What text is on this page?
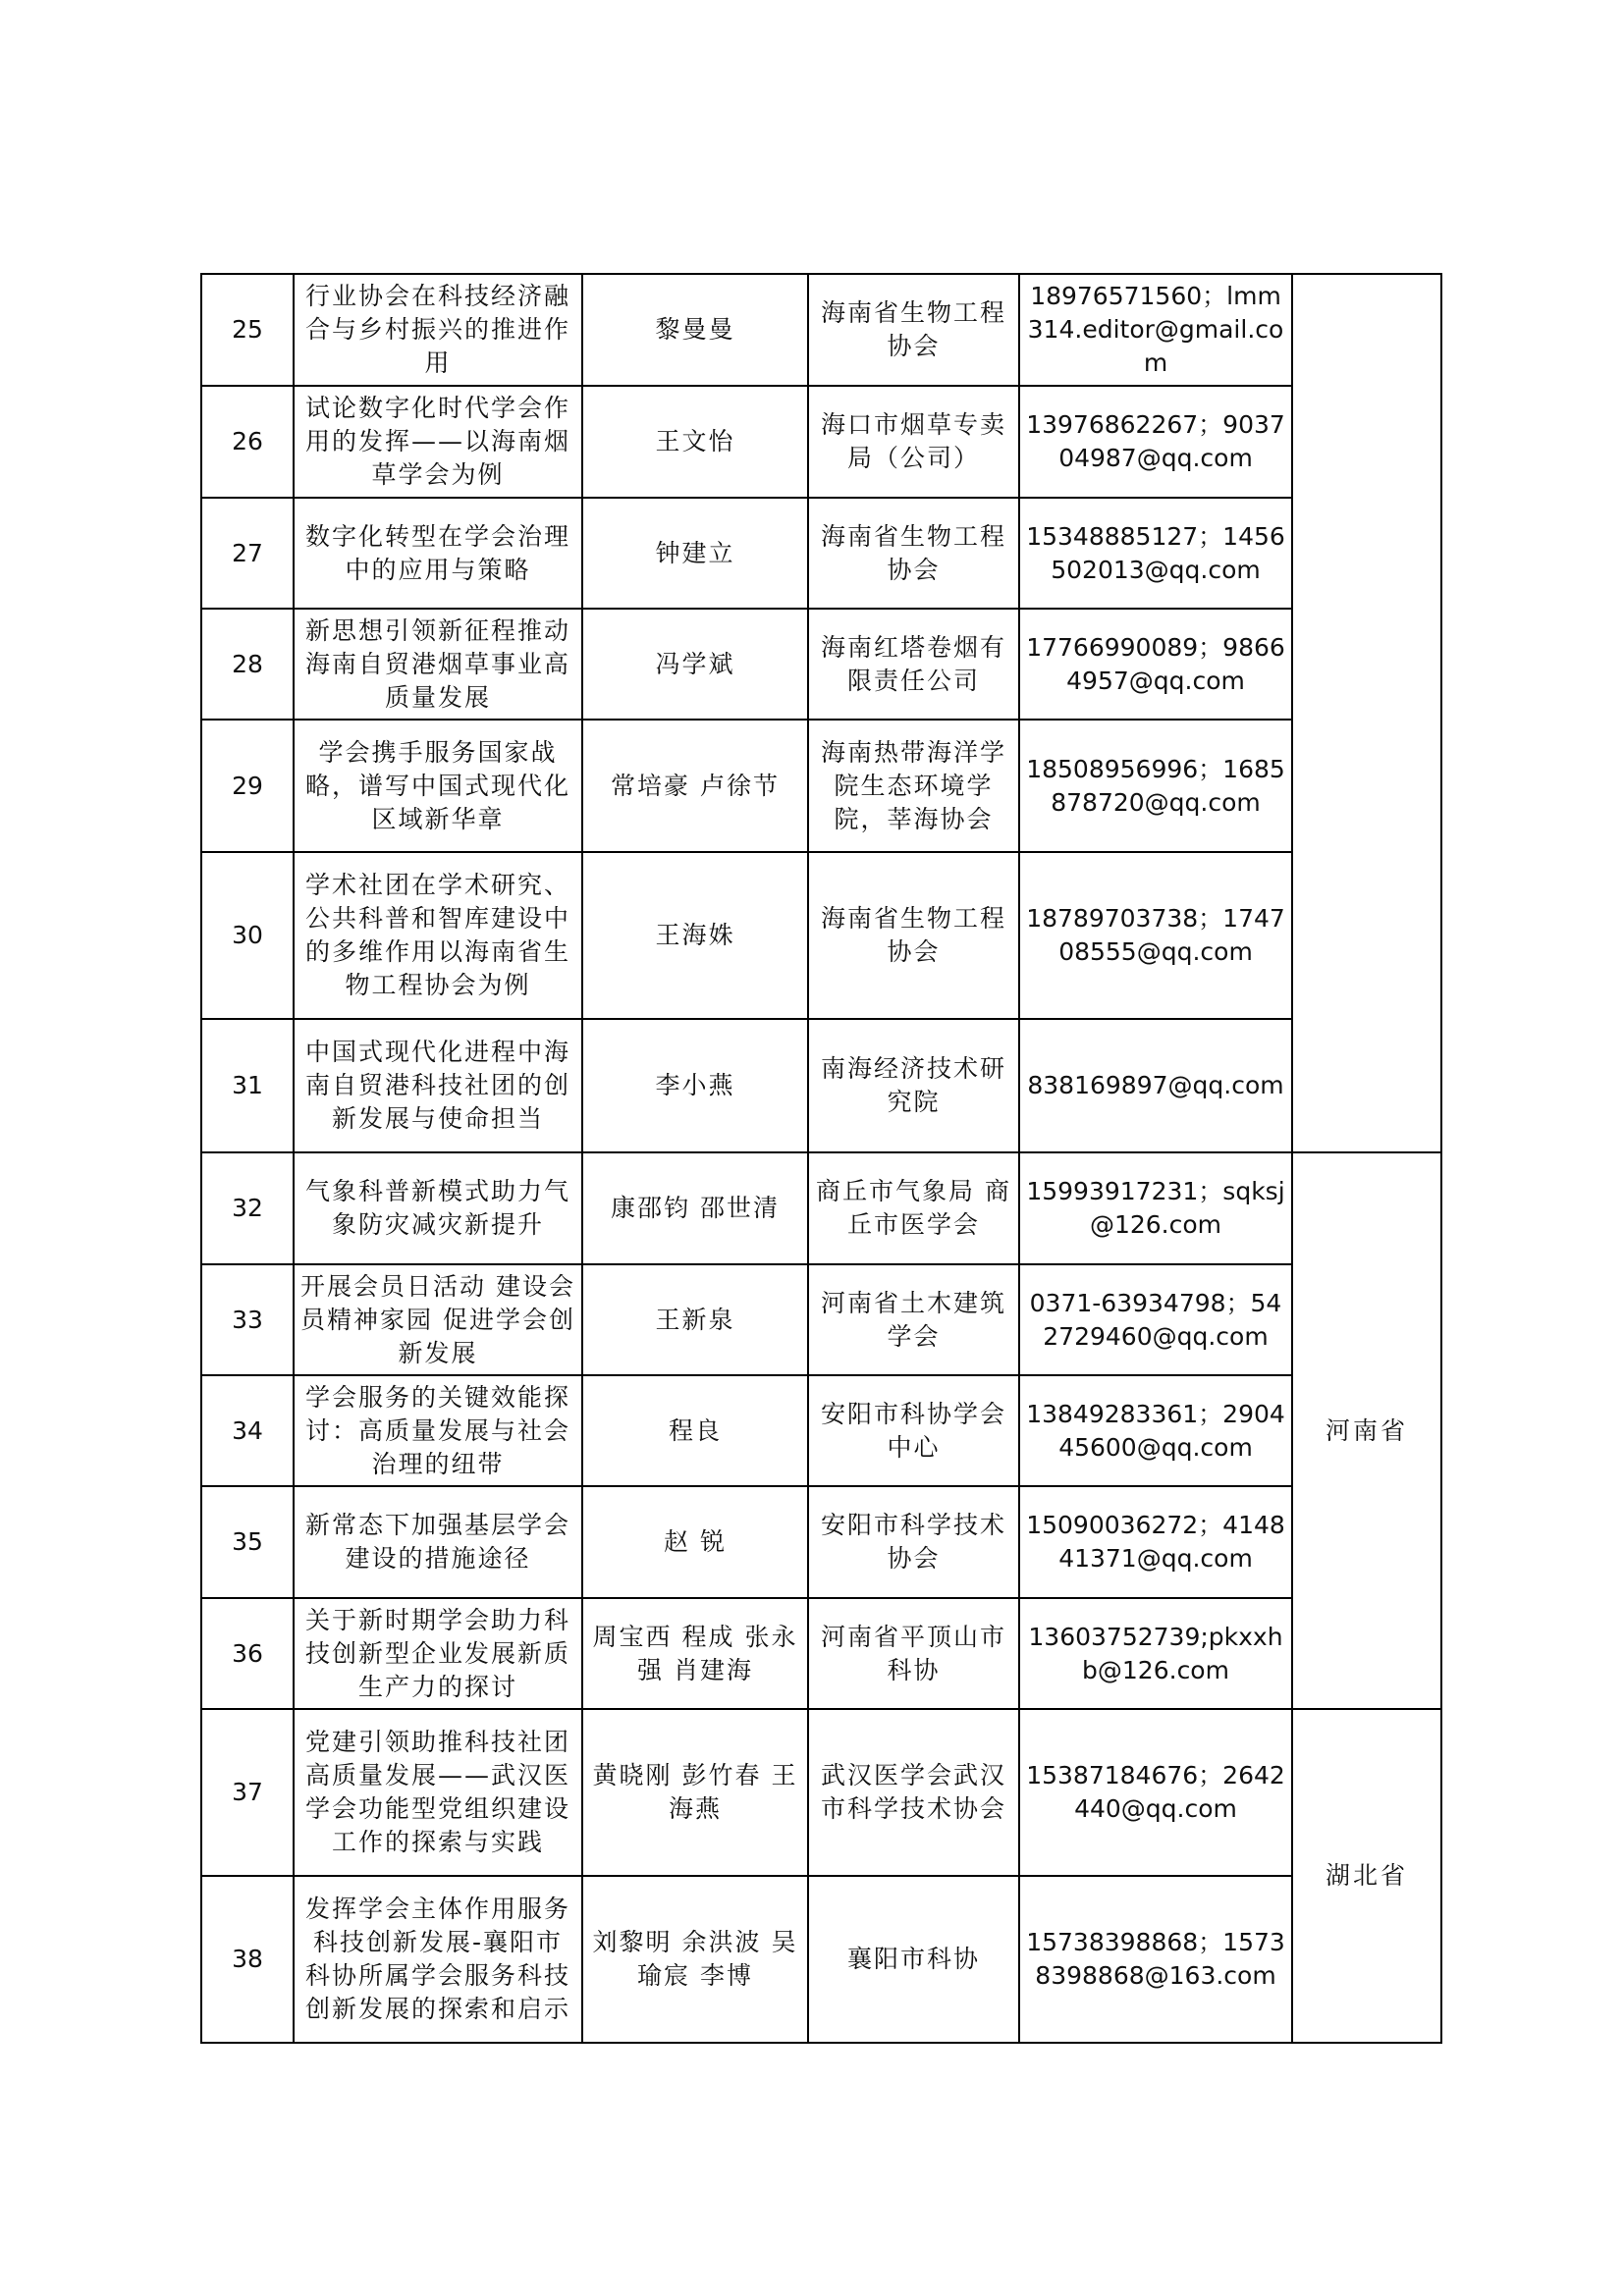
25	行业协会在科技经济融合与乡村振兴的推进作用	黎曼曼	海南省生物工程协会	18976571560；lmm314.editor@gmail.com	
26	试论数字化时代学会作用的发挥——以海南烟草学会为例	王文怡	海口市烟草专卖局（公司）	13976862267；903704987@qq.com	
27	数字化转型在学会治理中的应用与策略	钟建立	海南省生物工程协会	15348885127；1456502013@qq.com	
28	新思想引领新征程推动海南自贸港烟草事业高质量发展	冯学斌	海南红塔卷烟有限责任公司	17766990089；98664957@qq.com	
29	学会携手服务国家战略，谱写中国式现代化区域新华章	常培豪 卢徐节	海南热带海洋学院生态环境学院，莘海协会	18508956996；1685878720@qq.com	
30	学术社团在学术研究、公共科普和智库建设中的多维作用以海南省生物工程协会为例	王海姝	海南省生物工程协会	18789703738；174708555@qq.com	
31	中国式现代化进程中海南自贸港科技社团的创新发展与使命担当	李小燕	南海经济技术研究院	838169897@qq.com	
32	气象科普新模式助力气象防灾减灾新提升	康邵钧 邵世清	商丘市气象局 商丘市医学会	15993917231；sqksj@126.com	河南省
33	开展会员日活动 建设会员精神家园 促进学会创新发展	王新泉	河南省土木建筑学会	0371-63934798；542729460@qq.com	
34	学会服务的关键效能探讨：高质量发展与社会治理的纽带	程良	安阳市科协学会中心	13849283361；290445600@qq.com	
35	新常态下加强基层学会建设的措施途径	赵 锐	安阳市科学技术协会	15090036272；414841371@qq.com	
36	关于新时期学会助力科技创新型企业发展新质生产力的探讨	周宝西 程成 张永强 肖建海	河南省平顶山市科协	13603752739;pkxxhb@126.com	
37	党建引领助推科技社团高质量发展——武汉医学会功能型党组织建设工作的探索与实践	黄晓刚 彭竹春 王海燕	武汉医学会武汉市科学技术协会	15387184676；2642440@qq.com	湖北省
38	发挥学会主体作用服务科技创新发展-襄阳市科协所属学会服务科技创新发展的探索和启示	刘黎明 余洪波 吴瑜宸 李博	襄阳市科协	15738398868；15738398868@163.com	
